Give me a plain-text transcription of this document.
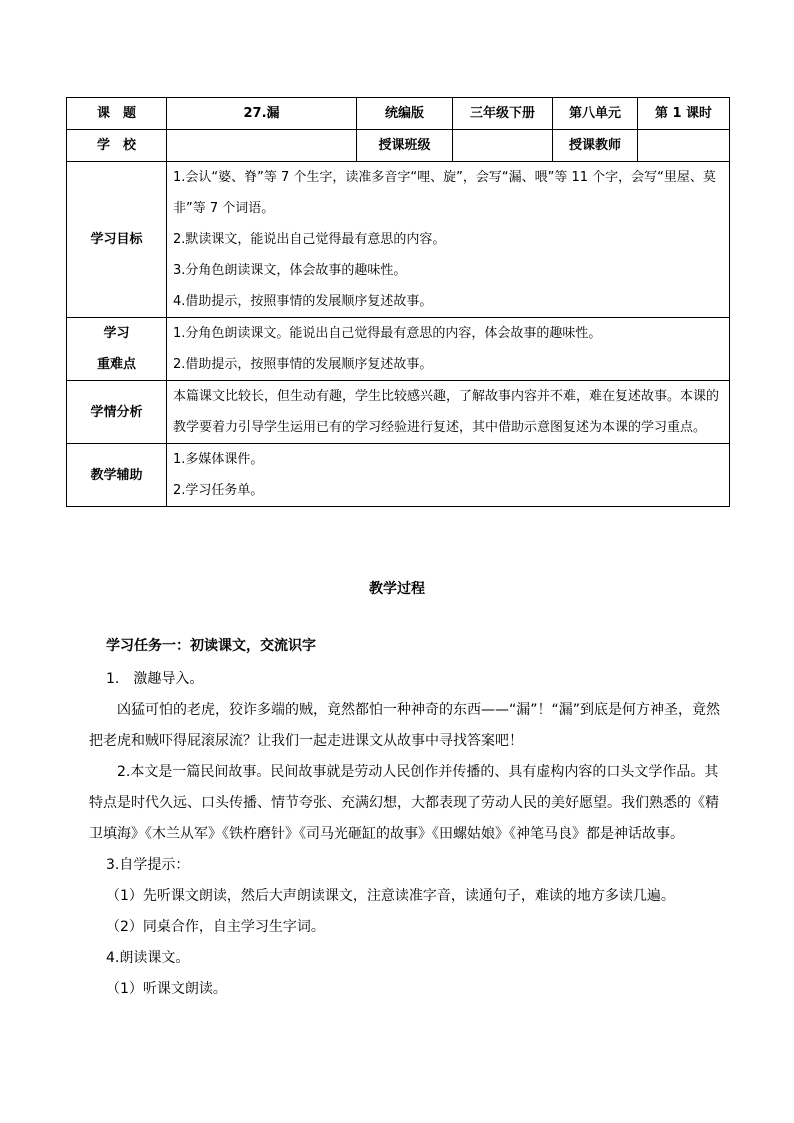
课　题	27.漏	统编版	三年级下册	第八单元	第 1 课时
学　校		授课班级		授课教师	
学习目标	1.会认“婆、脊”等 7 个生字，读准多音字“哩、旋”，会写“漏、喂”等 11 个字，会写“里屋、莫非”等 7 个词语。
2.默读课文，能说出自己觉得最有意思的内容。
3.分角色朗读课文，体会故事的趣味性。
4.借助提示，按照事情的发展顺序复述故事。				

学习
重难点	1.分角色朗读课文。能说出自己觉得最有意思的内容，体会故事的趣味性。
2.借助提示，按照事情的发展顺序复述故事。				

学情分析	本篇课文比较长，但生动有趣，学生比较感兴趣，了解故事内容并不难，难在复述故事。本课的教学要着力引导学生运用已有的学习经验进行复述，其中借助示意图复述为本课的学习重点。				

教学辅助	1.多媒体课件。
2.学习任务单。				
教学过程
学习任务一：初读课文，交流识字
1.　激趣导入。
凶猛可怕的老虎，狡诈多端的贼，竟然都怕一种神奇的东西——“漏”！“漏”到底是何方神圣，竟然把老虎和贼吓得屁滚尿流？让我们一起走进课文从故事中寻找答案吧！
2.本文是一篇民间故事。民间故事就是劳动人民创作并传播的、具有虚构内容的口头文学作品。其特点是时代久远、口头传播、情节夸张、充满幻想，大都表现了劳动人民的美好愿望。我们熟悉的《精卫填海》《木兰从军》《铁杵磨针》《司马光砸缸的故事》《田螺姑娘》《神笔马良》都是神话故事。
3.自学提示：
（1）先听课文朗读，然后大声朗读课文，注意读准字音，读通句子，难读的地方多读几遍。
（2）同桌合作，自主学习生字词。
4.朗读课文。
（1）听课文朗读。
